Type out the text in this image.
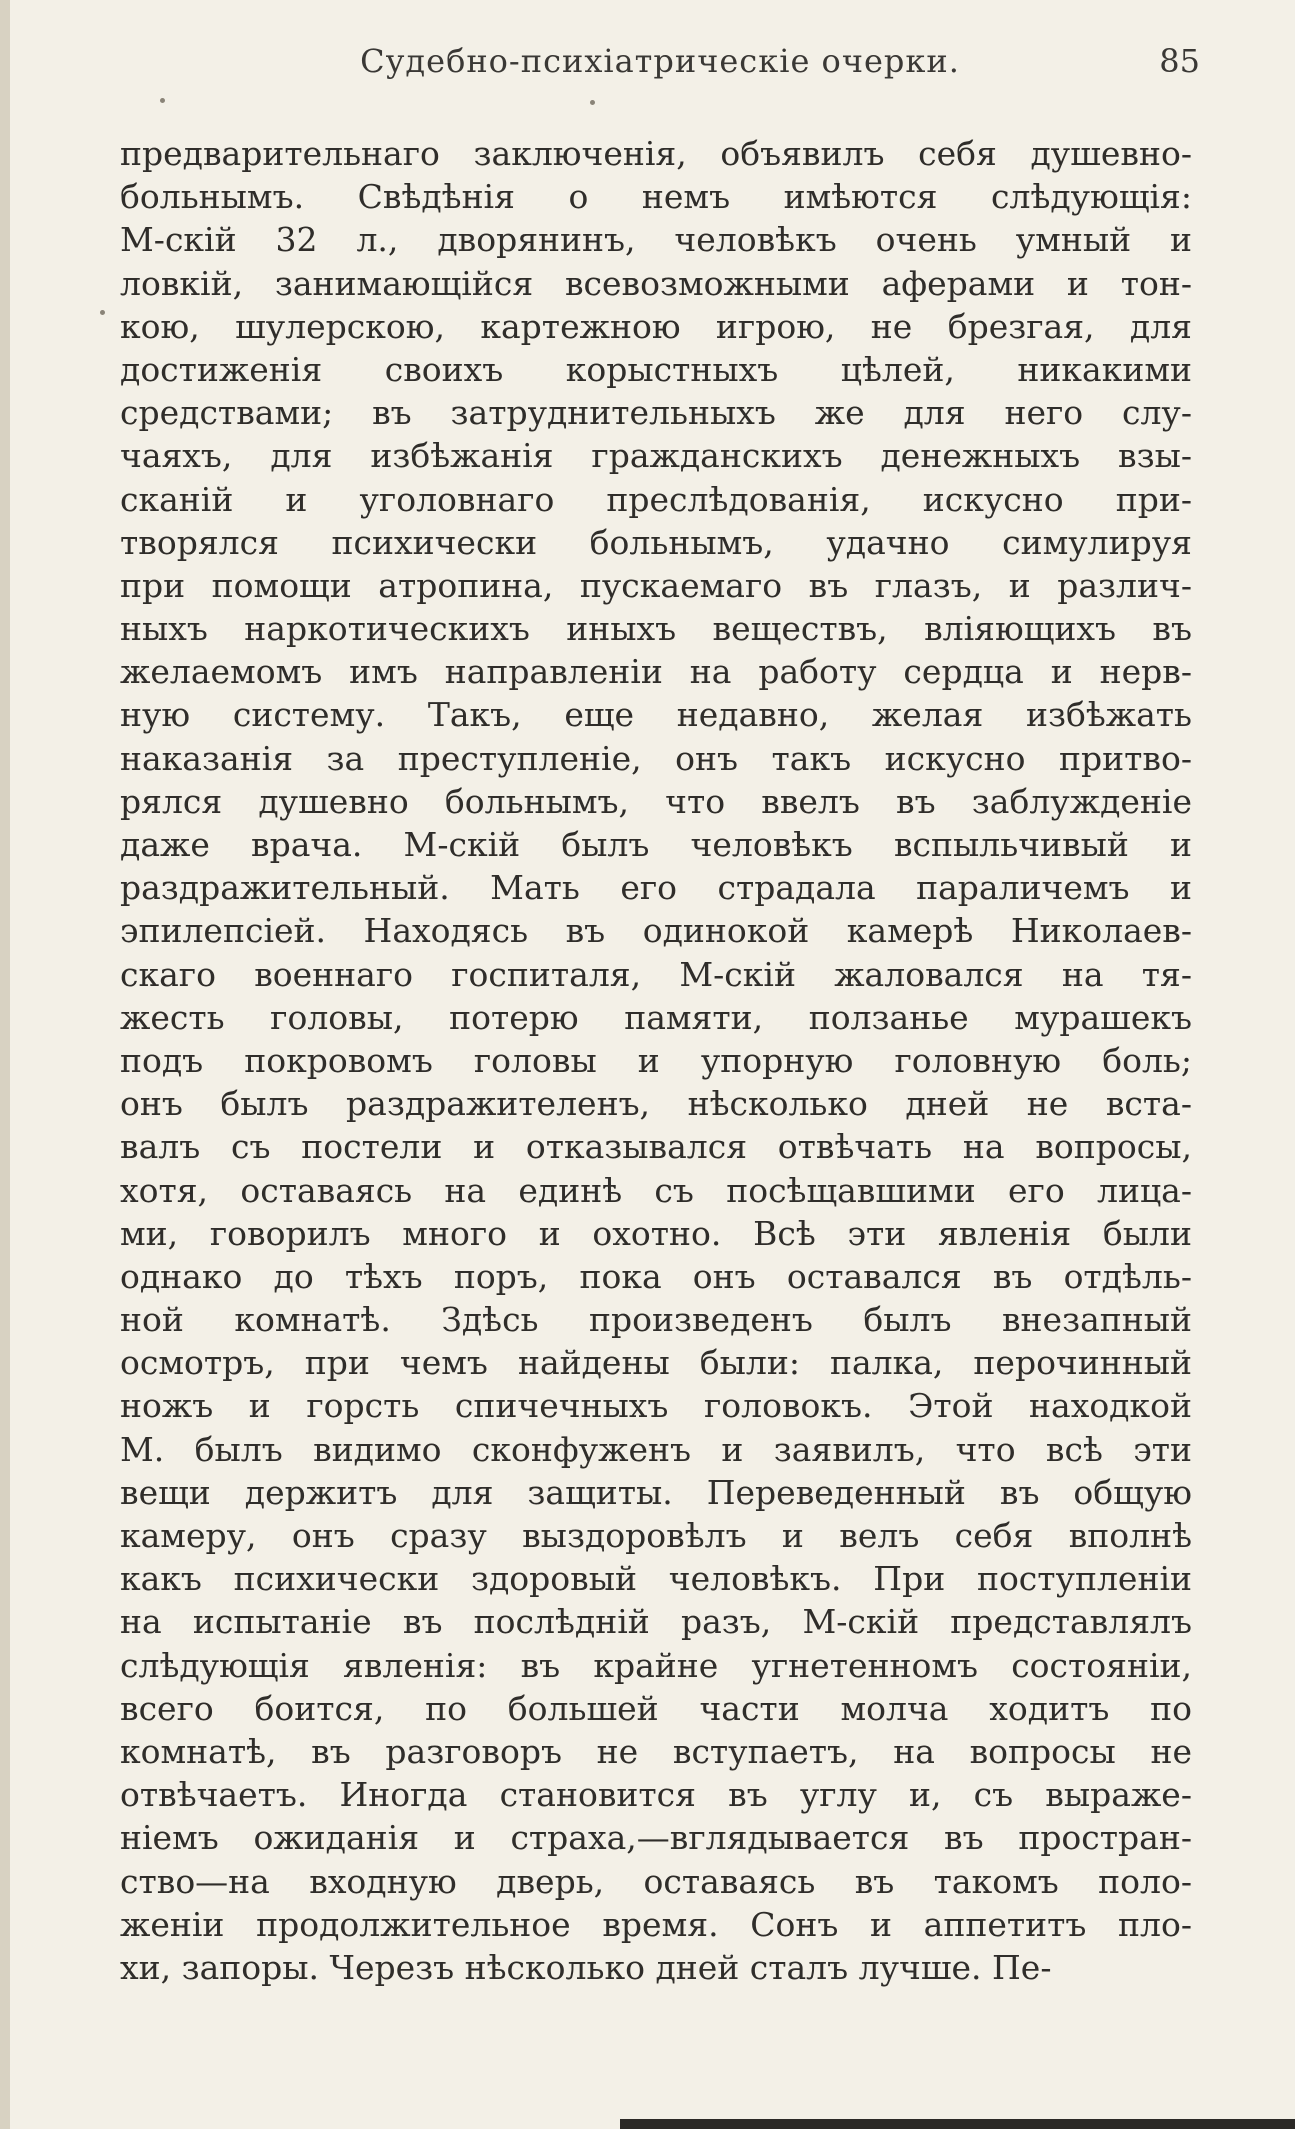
Судебно-психіатрическіе очерки.	85
предварительнаго заключенія, объявилъ себя душевно-
больнымъ. Свѣдѣнія о немъ имѣются слѣдующія:
М-скій 32 л., дворянинъ, человѣкъ очень умный и
ловкій, занимающійся всевозможными аферами и тон-
кою, шулерскою, картежною игрою, не брезгая, для
достиженія своихъ корыстныхъ цѣлей, никакими
средствами; въ затруднительныхъ же для него слу-
чаяхъ, для избѣжанія гражданскихъ денежныхъ взы-
сканій и уголовнаго преслѣдованія, искусно при-
творялся психически больнымъ, удачно симулируя
при помощи атропина, пускаемаго въ глазъ, и различ-
ныхъ наркотическихъ иныхъ веществъ, вліяющихъ въ
желаемомъ имъ направленіи на работу сердца и нерв-
ную систему. Такъ, еще недавно, желая избѣжать
наказанія за преступленіе, онъ такъ искусно притво-
рялся душевно больнымъ, что ввелъ въ заблужденіе
даже врача. М-скій былъ человѣкъ вспыльчивый и
раздражительный. Мать его страдала параличемъ и
эпилепсіей. Находясь въ одинокой камерѣ Николаев-
скаго военнаго госпиталя, М-скій жаловался на тя-
жесть головы, потерю памяти, ползанье мурашекъ
подъ покровомъ головы и упорную головную боль;
онъ былъ раздражителенъ, нѣсколько дней не вста-
валъ съ постели и отказывался отвѣчать на вопросы,
хотя, оставаясь на единѣ съ посѣщавшими его лица-
ми, говорилъ много и охотно. Всѣ эти явленія были
однако до тѣхъ поръ, пока онъ оставался въ отдѣль-
ной комнатѣ. Здѣсь произведенъ былъ внезапный
осмотръ, при чемъ найдены были: палка, перочинный
ножъ и горсть спичечныхъ головокъ. Этой находкой
М. былъ видимо сконфуженъ и заявилъ, что всѣ эти
вещи держитъ для защиты. Переведенный въ общую
камеру, онъ сразу выздоровѣлъ и велъ себя вполнѣ
какъ психически здоровый человѣкъ. При поступленіи
на испытаніе въ послѣдній разъ, М-скій представлялъ
слѣдующія явленія: въ крайне угнетенномъ состояніи,
всего боится, по большей части молча ходитъ по
комнатѣ, въ разговоръ не вступаетъ, на вопросы не
отвѣчаетъ. Иногда становится въ углу и, съ выраже-
ніемъ ожиданія и страха,—вглядывается въ простран-
ство—на входную дверь, оставаясь въ такомъ поло-
женіи продолжительное время. Сонъ и аппетитъ пло-
хи, запоры. Черезъ нѣсколько дней сталъ лучше. Пе-
